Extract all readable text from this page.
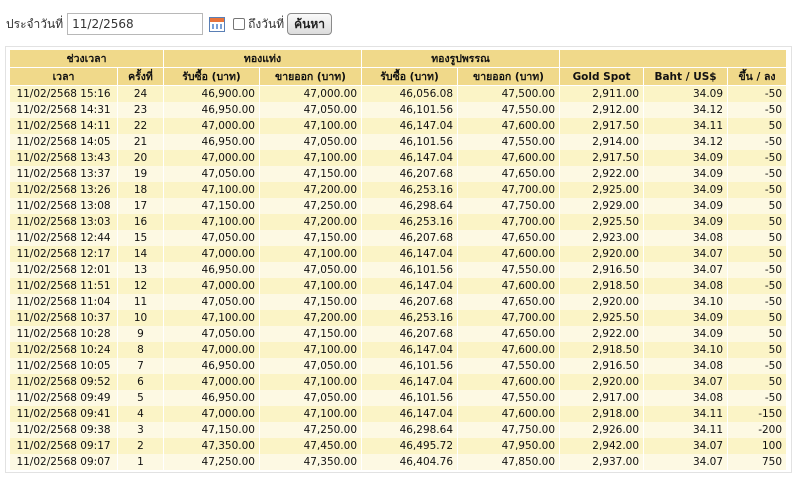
ประจำวันที่
11/2/2568	ถึงวันที่ ค้นหา
ช่วงเวลา		ทองแท่ง		ทองรูปพรรณ				
เวลา	ครั้งที่	รับซื้อ (บาท)	ขายออก (บาท)	รับซื้อ (บาท)	ขายออก (บาท)	Gold Spot	Baht / US$	ขึ้น / ลง
11/02/2568 15:16	24	46,900.00	47,000.00	46,056.08	47,500.00	2,911.00	34.09	-50
11/02/2568 14:31	23	46,950.00	47,050.00	46,101.56	47,550.00	2,912.00	34.12	-50
11/02/2568 14:11	22	47,000.00	47,100.00	46,147.04	47,600.00	2,917.50	34.11	50
11/02/2568 14:05	21	46,950.00	47,050.00	46,101.56	47,550.00	2,914.00	34.12	-50
11/02/2568 13:43	20	47,000.00	47,100.00	46,147.04	47,600.00	2,917.50	34.09	-50
11/02/2568 13:37	19	47,050.00	47,150.00	46,207.68	47,650.00	2,922.00	34.09	-50
11/02/2568 13:26	18	47,100.00	47,200.00	46,253.16	47,700.00	2,925.00	34.09	-50
11/02/2568 13:08	17	47,150.00	47,250.00	46,298.64	47,750.00	2,929.00	34.09	50
11/02/2568 13:03	16	47,100.00	47,200.00	46,253.16	47,700.00	2,925.50	34.09	50
11/02/2568 12:44	15	47,050.00	47,150.00	46,207.68	47,650.00	2,923.00	34.08	50
11/02/2568 12:17	14	47,000.00	47,100.00	46,147.04	47,600.00	2,920.00	34.07	50
11/02/2568 12:01	13	46,950.00	47,050.00	46,101.56	47,550.00	2,916.50	34.07	-50
11/02/2568 11:51	12	47,000.00	47,100.00	46,147.04	47,600.00	2,918.50	34.08	-50
11/02/2568 11:04	11	47,050.00	47,150.00	46,207.68	47,650.00	2,920.00	34.10	-50
11/02/2568 10:37	10	47,100.00	47,200.00	46,253.16	47,700.00	2,925.50	34.09	50
11/02/2568 10:28	9	47,050.00	47,150.00	46,207.68	47,650.00	2,922.00	34.09	50
11/02/2568 10:24	8	47,000.00	47,100.00	46,147.04	47,600.00	2,918.50	34.10	50
11/02/2568 10:05	7	46,950.00	47,050.00	46,101.56	47,550.00	2,916.50	34.08	-50
11/02/2568 09:52	6	47,000.00	47,100.00	46,147.04	47,600.00	2,920.00	34.07	50
11/02/2568 09:49	5	46,950.00	47,050.00	46,101.56	47,550.00	2,917.00	34.08	-50
11/02/2568 09:41	4	47,000.00	47,100.00	46,147.04	47,600.00	2,918.00	34.11	-150
11/02/2568 09:38	3	47,150.00	47,250.00	46,298.64	47,750.00	2,926.00	34.11	-200
11/02/2568 09:17	2	47,350.00	47,450.00	46,495.72	47,950.00	2,942.00	34.07	100
11/02/2568 09:07	1	47,250.00	47,350.00	46,404.76	47,850.00	2,937.00	34.07	750
